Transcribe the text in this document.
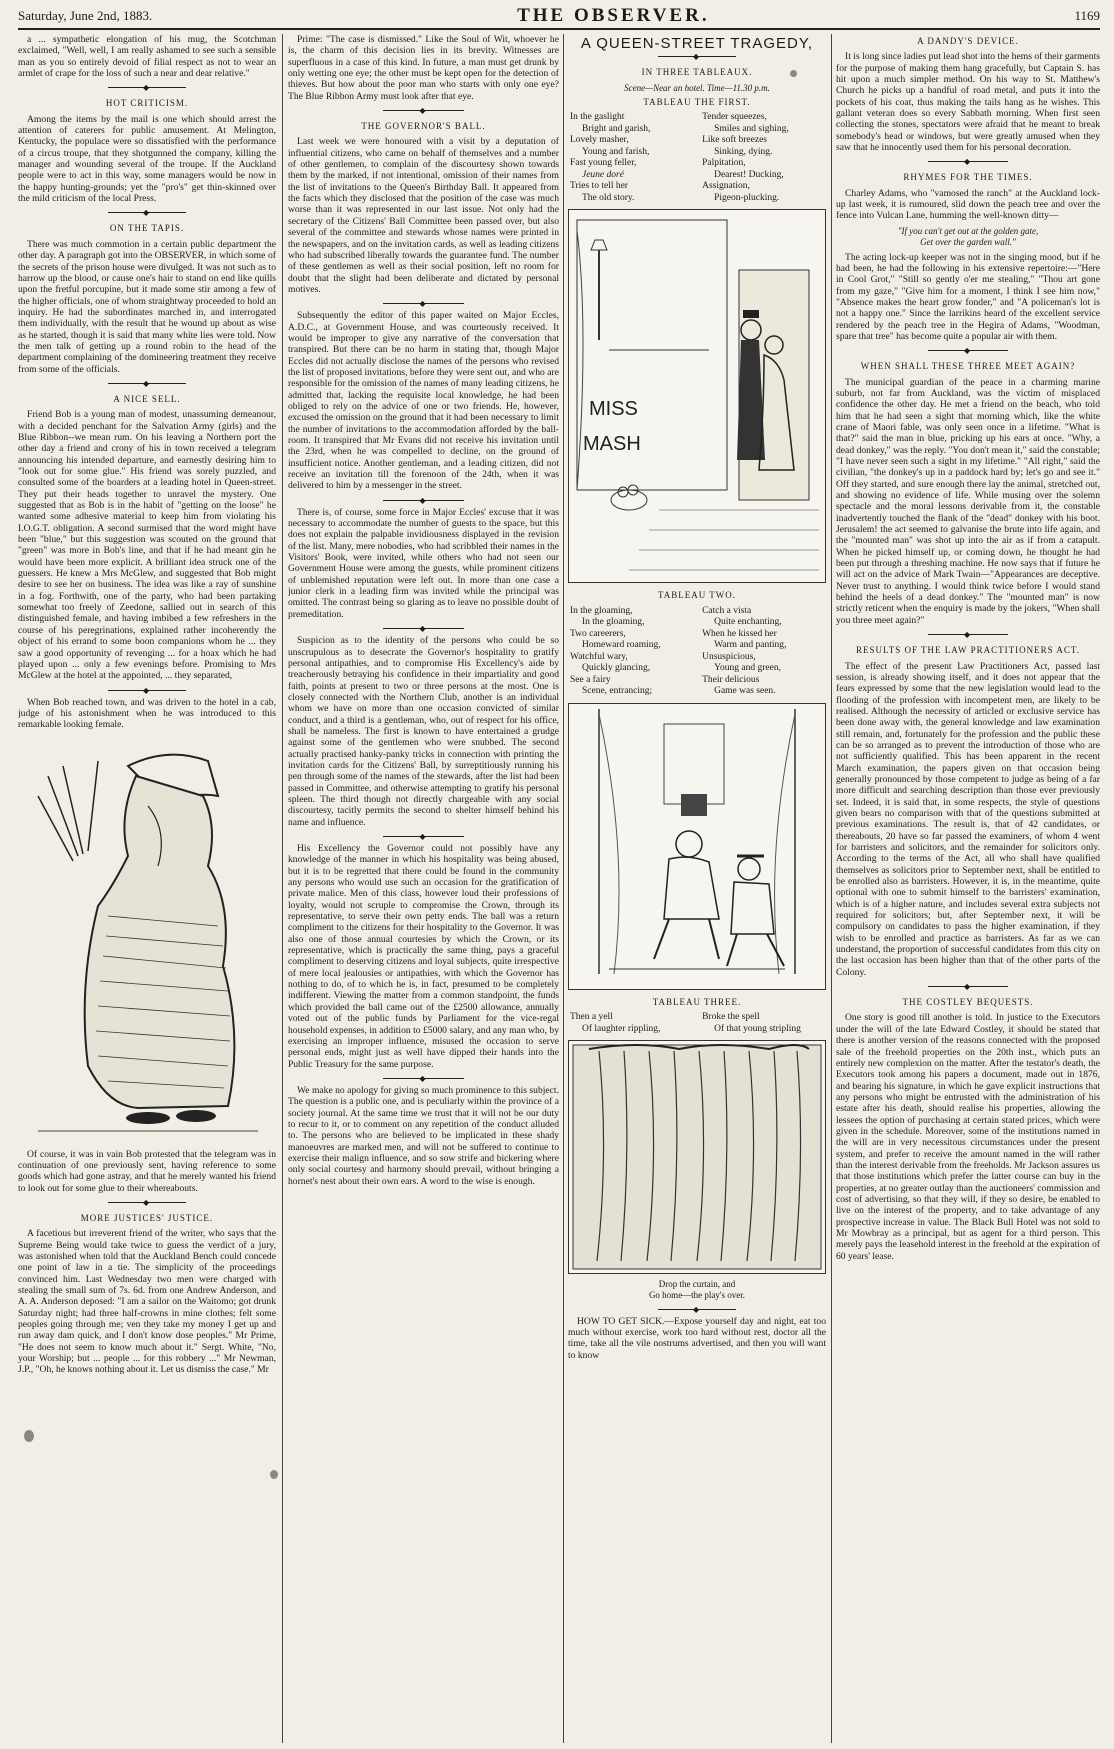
Saturday, June 2nd, 1883.	THE OBSERVER.	1169

a ... sympathetic elongation of his mug, the Scotchman exclaimed, "Well, well, I am really ashamed to see such a sensible man as you so entirely devoid of filial respect as not to wear an armlet of crape for the loss of such a near and dear relative."

◆
HOT CRITICISM.

Among the items by the mail is one which should arrest the attention of caterers for public amusement. At Melington, Kentucky, the populace were so dissatisfied with the performance of a circus troupe, that they shotgunned the company, killing the manager and wounding several of the troupe. If the Auckland people were to act in this way, some managers would be now in the happy hunting-grounds; yet the "pro's" get thin-skinned over the mild criticism of the local Press.

◆
ON THE TAPIS.

There was much commotion in a certain public department the other day. A paragraph got into the OBSERVER, in which some of the secrets of the prison house were divulged. It was not such as to harrow up the blood, or cause one's hair to stand on end like quills upon the fretful porcupine, but it made some stir among a few of the higher officials, one of whom straightway proceeded to hold an inquiry. He had the subordinates marched in, and interrogated them individually, with the result that he wound up about as wise as he started, though it is said that many white lies were told. Now the men talk of getting up a round robin to the head of the department complaining of the domineering treatment they receive from some of the officials.

◆
A NICE SELL.

Friend Bob is a young man of modest, unassuming demeanour, with a decided penchant for the Salvation Army (girls) and the Blue Ribbon--we mean rum. On his leaving a Northern port the other day a friend and crony of his in town received a telegram announcing his intended departure, and earnestly desiring him to "look out for some glue." His friend was sorely puzzled, and consulted some of the boarders at a leading hotel in Queen-street. They put their heads together to unravel the mystery. One suggested that as Bob is in the habit of "getting on the loose" he wanted some adhesive material to keep him from violating his I.O.G.T. obligation. A second surmised that the word might have been "blue," but this suggestion was scouted on the ground that "green" was more in Bob's line, and that if he had meant gin he would have been more explicit. A brilliant idea struck one of the guessers. He knew a Mrs McGlew, and suggested that Bob might desire to see her on business. The idea was like a ray of sunshine in a fog. Forthwith, one of the party, who had been partaking somewhat too freely of Zeedone, sallied out in search of this distinguished female, and having imbibed a few refreshers in the course of his peregrinations, explained rather incoherently the object of his errand to some boon companions whom he ... they saw a good opportunity of revenging ... for a hoax which he had played upon ... only a few evenings before. Promising to Mrs McGlew at the hotel at the appointed, ... they separated,

◆

When Bob reached town, and was driven to the hotel in a cab, judge of his astonishment when he was introduced to this remarkable looking female.

Of course, it was in vain Bob protested that the telegram was in continuation of one previously sent, having reference to some goods which had gone astray, and that he merely wanted his friend to look out for some glue to their whereabouts.

◆
MORE JUSTICES' JUSTICE.

A facetious but irreverent friend of the writer, who says that the Supreme Being would take twice to guess the verdict of a jury, was astonished when told that the Auckland Bench could concede one point of law in a tie. The simplicity of the proceedings convinced him. Last Wednesday two men were charged with stealing the small sum of 7s. 6d. from one Andrew Anderson, and A. A. Anderson deposed: "I am a sailor on the Waitomo; got drunk Saturday night; had three half-crowns in mine clothes; felt some peoples going through me; ven they take my money I get up and run away dam quick, and I don't know dose peoples." Mr Prime, "He does not seem to know much about it." Sergt. White, "No, your Worship; but ... people ... for this robbery ..." Mr Newman, J.P., "Oh, he knows nothing about it. Let us dismiss the case." Mr

Prime: "The case is dismissed." Like the Soul of Wit, whoever he is, the charm of this decision lies in its brevity. Witnesses are superfluous in a case of this kind. In future, a man must get drunk by only wetting one eye; the other must be kept open for the detection of thieves. But how about the poor man who starts with only one eye? The Blue Ribbon Army must look after that eye.

◆
THE GOVERNOR'S BALL.

Last week we were honoured with a visit by a deputation of influential citizens, who came on behalf of themselves and a number of other gentlemen, to complain of the discourtesy shown towards them by the marked, if not intentional, omission of their names from the list of invitations to the Queen's Birthday Ball. It appeared from the facts which they disclosed that the position of the case was much worse than it was represented in our last issue. Not only had the secretary of the Citizens' Ball Committee been passed over, but also several of the committee and stewards whose names were printed in the newspapers, and on the invitation cards, as well as leading citizens who had subscribed liberally towards the guarantee fund. The number of these gentlemen as well as their social position, left no room for doubt that the slight had been deliberate and dictated by personal motives.

◆

Subsequently the editor of this paper waited on Major Eccles, A.D.C., at Government House, and was courteously received. It would be improper to give any narrative of the conversation that transpired. But there can be no harm in stating that, though Major Eccles did not actually disclose the names of the persons who revised the list of proposed invitations, before they were sent out, and who are responsible for the omission of the names of many leading citizens, he admitted that, lacking the requisite local knowledge, he had been obliged to rely on the advice of one or two friends. He, however, excused the omission on the ground that it had been necessary to limit the number of invitations to the accommodation afforded by the ball-room. It transpired that Mr Evans did not receive his invitation until the 23rd, when he was compelled to decline, on the ground of insufficient notice. Another gentleman, and a leading citizen, did not receive an invitation till the forenoon of the 24th, when it was delivered to him by a messenger in the street.

◆

There is, of course, some force in Major Eccles' excuse that it was necessary to accommodate the number of guests to the space, but this does not explain the palpable invidiousness displayed in the revision of the list. Many, mere nobodies, who had scribbled their names in the Visitors' Book, were invited, while others who had not seen our Government House were among the guests, while prominent citizens of unblemished reputation were left out. In more than one case a junior clerk in a leading firm was invited while the principal was omitted. The contrast being so glaring as to leave no possible doubt of premeditation.

◆

Suspicion as to the identity of the persons who could be so unscrupulous as to desecrate the Governor's hospitality to gratify personal antipathies, and to compromise His Excellency's aide by treacherously betraying his confidence in their impartiality and good faith, points at present to two or three persons at the most. One is closely connected with the Northern Club, another is an individual whom we have on more than one occasion convicted of similar conduct, and a third is a gentleman, who, out of respect for his office, shall be nameless. The first is known to have entertained a grudge against some of the gentlemen who were snubbed. The second actually practised hanky-panky tricks in connection with printing the invitation cards for the Citizens' Ball, by surreptitiously running his pen through some of the names of the stewards, after the list had been passed in Committee, and otherwise attempting to gratify his personal spleen. The third though not directly chargeable with any social discourtesy, tacitly permits the second to shelter himself behind his name and influence.

◆

His Excellency the Governor could not possibly have any knowledge of the manner in which his hospitality was being abused, but it is to be regretted that there could be found in the community any persons who would use such an occasion for the gratification of private malice. Men of this class, however loud their professions of loyalty, would not scruple to compromise the Crown, through its representative, to serve their own petty ends. The ball was a return compliment to the citizens for their hospitality to the Governor. It was also one of those annual courtesies by which the Crown, or its representative, which is practically the same thing, pays a graceful compliment to deserving citizens and loyal subjects, quite irrespective of mere local jealousies or antipathies, with which the Governor has nothing to do, of to which he is, in fact, presumed to be completely indifferent. Viewing the matter from a common standpoint, the funds which provided the ball came out of the £2500 allowance, annually voted out of the public funds by Parliament for the vice-regal household expenses, in addition to £5000 salary, and any man who, by exercising an improper influence, misused the occasion to serve personal ends, might just as well have dipped their hands into the Public Treasury for the same purpose.

◆

We make no apology for giving so much prominence to this subject. The question is a public one, and is peculiarly within the province of a society journal. At the same time we trust that it will not be our duty to recur to it, or to comment on any repetition of the conduct alluded to. The persons who are believed to be implicated in these shady manoeuvres are marked men, and will not be suffered to continue to exercise their malign influence, and so sow strife and bickering where only social courtesy and harmony should prevail, without bringing a hornet's nest about their own ears. A word to the wise is enough.

A QUEEN-STREET TRAGEDY,
◆
IN THREE TABLEAUX.
Scene—Near an hotel. Time—11.30 p.m.
TABLEAU THE FIRST.
In the gaslight
Bright and garish,
Lovely masher,
Young and farish,
Fast young feller,
Jeune doré
Tries to tell her
The old story.
Tender squeezes,
Smiles and sighing,
Like soft breezes
Sinking, dying.
Palpitation,
Dearest! Ducking,
Assignation,
Pigeon-plucking.
MISS
MASH
TABLEAU TWO.
In the gloaming,
In the gloaming,
Two careerers,
Homeward roaming,
Watchful wary,
Quickly glancing,
See a fairy
Scene, entrancing;
Catch a vista
Quite enchanting,
When he kissed her
Warm and panting,
Unsuspicious,
Young and green,
Their delicious
Game was seen.
TABLEAU THREE.
Then a yell
Of laughter rippling,
Broke the spell
Of that young stripling
Drop the curtain, and
Go home—the play's over.
◆

HOW TO GET SICK.—Expose yourself day and night, eat too much without exercise, work too hard without rest, doctor all the time, take all the vile nostrums advertised, and then you will want to know

A DANDY'S DEVICE.

It is long since ladies put lead shot into the hems of their garments for the purpose of making them hang gracefully, but Captain S. has hit upon a much simpler method. On his way to St. Matthew's Church he picks up a handful of road metal, and puts it into the pockets of his coat, thus making the tails hang as he wishes. This gallant veteran does so every Sabbath morning. When first seen collecting the stones, spectators were afraid that he meant to break somebody's head or windows, but were greatly amused when they saw that he innocently used them for his personal decoration.

◆
RHYMES FOR THE TIMES.

Charley Adams, who "vamosed the ranch" at the Auckland lock-up last week, it is rumoured, slid down the peach tree and over the fence into Vulcan Lane, humming the well-known ditty—

"If you can't get out at the golden gate,
Get over the garden wall."

The acting lock-up keeper was not in the singing mood, but if he had been, he had the following in his extensive repertoire:—"Here in Cool Grot," "Still so gently o'er me stealing," "Thou art gone from my gaze," "Give him for a moment, I think I see him now," "Absence makes the heart grow fonder," and "A policeman's lot is not a happy one." Since the larrikins heard of the excellent service rendered by the peach tree in the Hegira of Adams, "Woodman, spare that tree" has become quite a popular air with them.

◆
WHEN SHALL THESE THREE MEET AGAIN?

The municipal guardian of the peace in a charming marine suburb, not far from Auckland, was the victim of misplaced confidence the other day. He met a friend on the beach, who told him that he had seen a sight that morning which, like the white crane of Maori fable, was only seen once in a lifetime. "What is that?" said the man in blue, pricking up his ears at once. "Why, a dead donkey," was the reply. "You don't mean it," said the constable; "I have never seen such a sight in my lifetime." "All right," said the civilian, "the donkey's up in a paddock hard by; let's go and see it." Off they started, and sure enough there lay the animal, stretched out, and showing no evidence of life. While musing over the solemn spectacle and the moral lessons derivable from it, the constable inadvertently touched the flank of the "dead" donkey with his boot. Jerusalem! the act seemed to galvanise the brute into life again, and the "mounted man" was shot up into the air as if from a catapult. When he picked himself up, or coming down, he thought he had been put through a threshing machine. He now says that if future he will act on the advice of Mark Twain—"Appearances are deceptive. Never trust to anything. I would think twice before I would stand behind the heels of a dead donkey." The "mounted man" is now strictly reticent when the enquiry is made by the jokers, "When shall you three meet again?"

◆
RESULTS OF THE LAW PRACTITIONERS ACT.

The effect of the present Law Practitioners Act, passed last session, is already showing itself, and it does not appear that the fears expressed by some that the new legislation would lead to the flooding of the profession with incompetent men, are likely to be realised. Although the necessity of articled or exclusive service has been done away with, the general knowledge and law examination still remain, and, fortunately for the profession and the public these can be so arranged as to prevent the introduction of those who are not sufficiently qualified. This has been apparent in the recent March examination, the papers given on that occasion being generally pronounced by those competent to judge as being of a far more difficult and searching description than those ever previously set. Indeed, it is said that, in some respects, the style of questions given bears no comparison with that of the questions submitted at previous examinations. The result is, that of 42 candidates, or thereabouts, 20 have so far passed the examiners, of whom 4 went for barristers and solicitors, and the remainder for solicitors only. According to the terms of the Act, all who shall have qualified themselves as solicitors prior to September next, shall be entitled to be enrolled also as barristers. However, it is, in the meantime, quite optional with one to submit himself to the barristers' examination, which is of a higher nature, and includes several extra subjects not required for solicitors; but, after September next, it will be compulsory on candidates to pass the higher examination, if they wish to be enrolled and practice as barristers. As far as we can understand, the proportion of successful candidates from this city on the last occasion has been higher than that of the other parts of the Colony.

◆
THE COSTLEY BEQUESTS.

One story is good till another is told. In justice to the Executors under the will of the late Edward Costley, it should be stated that there is another version of the reasons connected with the proposed sale of the freehold properties on the 20th inst., which puts an entirely new complexion on the matter. After the testator's death, the Executors took among his papers a document, made out in 1876, and bearing his signature, in which he gave explicit instructions that any persons who might be entrusted with the administration of his estate after his death, should realise his properties, allowing the lessees the option of purchasing at certain stated prices, which were given in the schedule. Moreover, some of the institutions named in the will are in very necessitous circumstances under the present system, and prefer to receive the amount named in the will rather than the interest derivable from the freeholds. Mr Jackson assures us that those institutions which prefer the latter course can buy in the properties, at no greater outlay than the auctioneers' commission and cost of advertising, so that they will, if they so desire, be enabled to live on the interest of the property, and to take advantage of any prospective increase in value. The Black Bull Hotel was not sold to Mr Mowbray as a principal, but as agent for a third person. This merely pays the leasehold interest in the freehold at the expiration of 60 years' lease.
